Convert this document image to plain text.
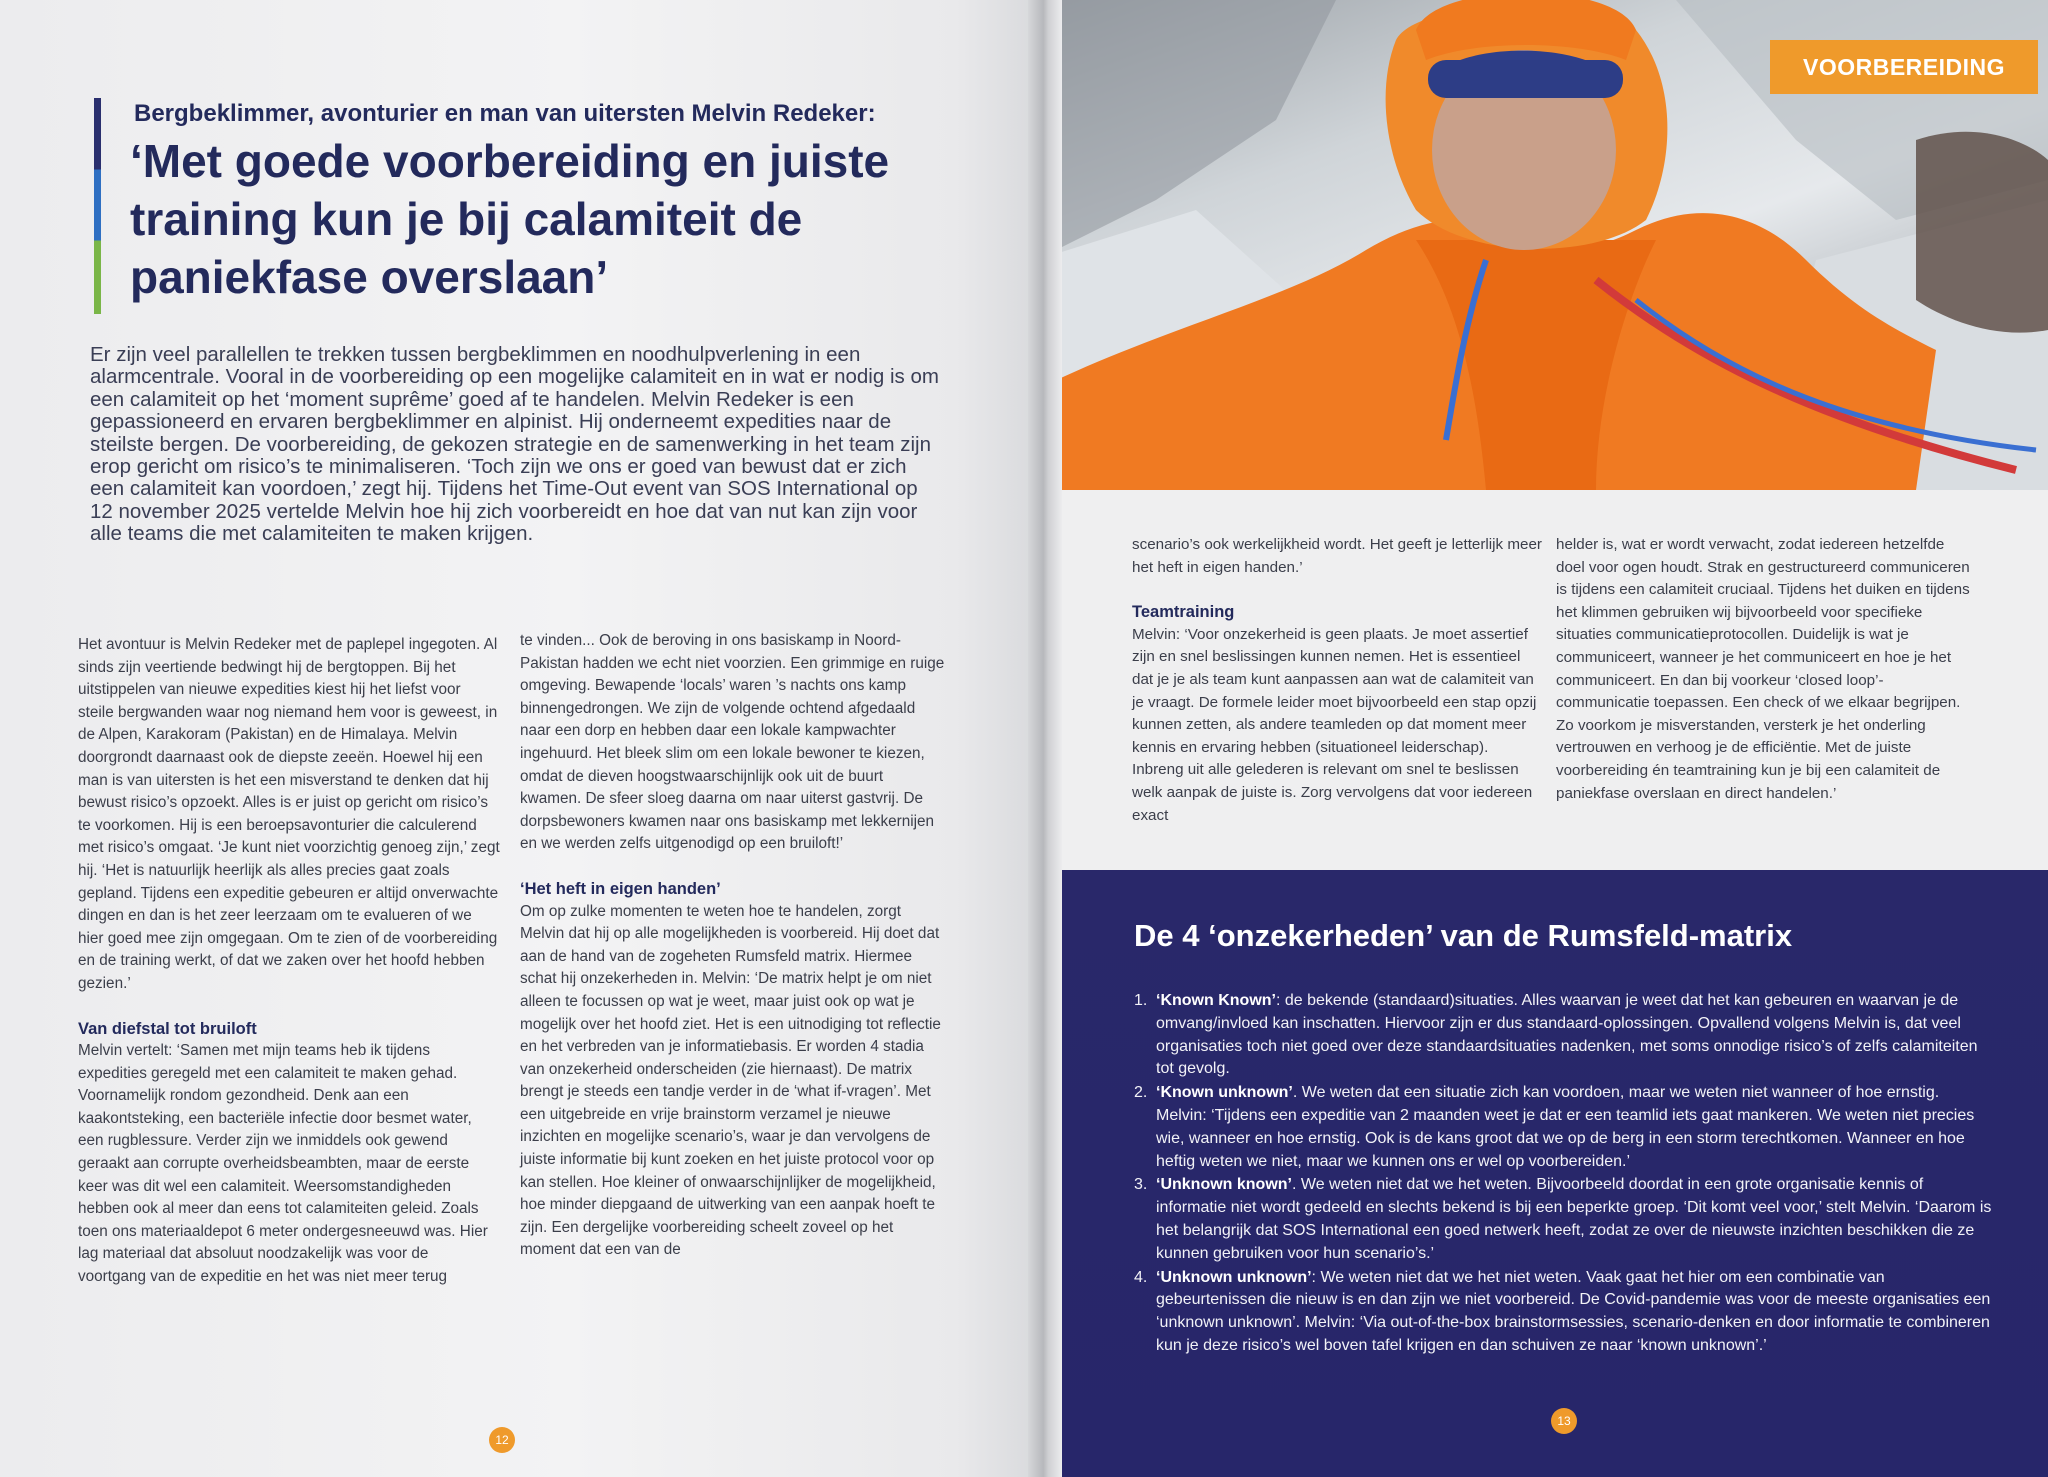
Bergbeklimmer, avonturier en man van uitersten Melvin Redeker:
‘Met goede voorbereiding en juiste training kun je bij calamiteit de paniekfase overslaan’

Er zijn veel parallellen te trekken tussen bergbeklimmen en noodhulpverlening in een alarmcentrale. Vooral in de voorbereiding op een mogelijke calamiteit en in wat er nodig is om een calamiteit op het ‘moment suprême’ goed af te handelen. Melvin Redeker is een gepassioneerd en ervaren bergbeklimmer en alpinist. Hij onderneemt expedities naar de steilste bergen. De voorbereiding, de gekozen strategie en de samenwerking in het team zijn erop gericht om risico’s te minimaliseren. ‘Toch zijn we ons er goed van bewust dat er zich een calamiteit kan voordoen,’ zegt hij. Tijdens het Time-Out event van SOS International op 12 november 2025 vertelde Melvin hoe hij zich voorbereidt en hoe dat van nut kan zijn voor alle teams die met calamiteiten te maken krijgen.

Het avontuur is Melvin Redeker met de paplepel ingegoten. Al sinds zijn veertiende bedwingt hij de bergtoppen. Bij het uitstippelen van nieuwe expedities kiest hij het liefst voor steile bergwanden waar nog niemand hem voor is geweest, in de Alpen, Karakoram (Pakistan) en de Himalaya. Melvin doorgrondt daarnaast ook de diepste zeeën. Hoewel hij een man is van uitersten is het een misverstand te denken dat hij bewust risico’s opzoekt. Alles is er juist op gericht om risico’s te voorkomen. Hij is een beroepsavonturier die calculerend met risico’s omgaat. ‘Je kunt niet voorzichtig genoeg zijn,’ zegt hij. ‘Het is natuurlijk heerlijk als alles precies gaat zoals gepland. Tijdens een expeditie gebeuren er altijd onverwachte dingen en dan is het zeer leerzaam om te evalueren of we hier goed mee zijn omgegaan. Om te zien of de voorbereiding en de training werkt, of dat we zaken over het hoofd hebben gezien.’

Van diefstal tot bruiloft

Melvin vertelt: ‘Samen met mijn teams heb ik tijdens expedities geregeld met een calamiteit te maken gehad. Voornamelijk rondom gezondheid. Denk aan een kaakontsteking, een bacteriële infectie door besmet water, een rugblessure. Verder zijn we inmiddels ook gewend geraakt aan corrupte overheidsbeambten, maar de eerste keer was dit wel een calamiteit. Weersomstandigheden hebben ook al meer dan eens tot calamiteiten geleid. Zoals toen ons materiaaldepot 6 meter ondergesneeuwd was. Hier lag materiaal dat absoluut noodzakelijk was voor de voortgang van de expeditie en het was niet meer terug

te vinden... Ook de beroving in ons basiskamp in Noord-Pakistan hadden we echt niet voorzien. Een grimmige en ruige omgeving. Bewapende ‘locals’ waren ’s nachts ons kamp binnengedrongen. We zijn de volgende ochtend afgedaald naar een dorp en hebben daar een lokale kampwachter ingehuurd. Het bleek slim om een lokale bewoner te kiezen, omdat de dieven hoogstwaarschijnlijk ook uit de buurt kwamen. De sfeer sloeg daarna om naar uiterst gastvrij. De dorpsbewoners kwamen naar ons basiskamp met lekkernijen en we werden zelfs uitgenodigd op een bruiloft!’

‘Het heft in eigen handen’

Om op zulke momenten te weten hoe te handelen, zorgt Melvin dat hij op alle mogelijkheden is voorbereid. Hij doet dat aan de hand van de zogeheten Rumsfeld matrix. Hiermee schat hij onzekerheden in. Melvin: ‘De matrix helpt je om niet alleen te focussen op wat je weet, maar juist ook op wat je mogelijk over het hoofd ziet. Het is een uitnodiging tot reflectie en het verbreden van je informatiebasis. Er worden 4 stadia van onzekerheid onderscheiden (zie hiernaast). De matrix brengt je steeds een tandje verder in de ‘what if-vragen’. Met een uitgebreide en vrije brainstorm verzamel je nieuwe inzichten en mogelijke scenario’s, waar je dan vervolgens de juiste informatie bij kunt zoeken en het juiste protocol voor op kan stellen. Hoe kleiner of onwaarschijnlijker de mogelijkheid, hoe minder diepgaand de uitwerking van een aanpak hoeft te zijn. Een dergelijke voorbereiding scheelt zoveel op het moment dat een van de

12
VOORBEREIDING

scenario’s ook werkelijkheid wordt. Het geeft je letterlijk meer het heft in eigen handen.’

Teamtraining

Melvin: ‘Voor onzekerheid is geen plaats. Je moet assertief zijn en snel beslissingen kunnen nemen. Het is essentieel dat je je als team kunt aanpassen aan wat de calamiteit van je vraagt. De formele leider moet bijvoorbeeld een stap opzij kunnen zetten, als andere teamleden op dat moment meer kennis en ervaring hebben (situationeel leiderschap). Inbreng uit alle gelederen is relevant om snel te beslissen welk aanpak de juiste is. Zorg vervolgens dat voor iedereen exact

helder is, wat er wordt verwacht, zodat iedereen hetzelfde doel voor ogen houdt. Strak en gestructureerd communiceren is tijdens een calamiteit cruciaal. Tijdens het duiken en tijdens het klimmen gebruiken wij bijvoorbeeld voor specifieke situaties communicatieprotocollen. Duidelijk is wat je communiceert, wanneer je het communiceert en hoe je het communiceert. En dan bij voorkeur ‘closed loop’-communicatie toepassen. Een check of we elkaar begrijpen. Zo voorkom je misverstanden, versterk je het onderling vertrouwen en verhoog je de efficiëntie. Met de juiste voorbereiding én teamtraining kun je bij een calamiteit de paniekfase overslaan en direct handelen.’

De 4 ‘onzekerheden’ van de Rumsfeld-matrix
1. ‘Known Known’: de bekende (standaard)situaties. Alles waarvan je weet dat het kan gebeuren en waarvan je de omvang/invloed kan inschatten. Hiervoor zijn er dus standaard-oplossingen. Opvallend volgens Melvin is, dat veel organisaties toch niet goed over deze standaardsituaties nadenken, met soms onnodige risico’s of zelfs calamiteiten tot gevolg.
2. ‘Known unknown’. We weten dat een situatie zich kan voordoen, maar we weten niet wanneer of hoe ernstig. Melvin: ‘Tijdens een expeditie van 2 maanden weet je dat er een teamlid iets gaat mankeren. We weten niet precies wie, wanneer en hoe ernstig. Ook is de kans groot dat we op de berg in een storm terechtkomen. Wanneer en hoe heftig weten we niet, maar we kunnen ons er wel op voorbereiden.’
3. ‘Unknown known’. We weten niet dat we het weten. Bijvoorbeeld doordat in een grote organisatie kennis of informatie niet wordt gedeeld en slechts bekend is bij een beperkte groep. ‘Dit komt veel voor,’ stelt Melvin. ‘Daarom is het belangrijk dat SOS International een goed netwerk heeft, zodat ze over de nieuwste inzichten beschikken die ze kunnen gebruiken voor hun scenario’s.’
4. ‘Unknown unknown’: We weten niet dat we het niet weten. Vaak gaat het hier om een combinatie van gebeurtenissen die nieuw is en dan zijn we niet voorbereid. De Covid-pandemie was voor de meeste organisaties een ‘unknown unknown’. Melvin: ‘Via out-of-the-box brainstormsessies, scenario-denken en door informatie te combineren kun je deze risico’s wel boven tafel krijgen en dan schuiven ze naar ‘known unknown’.’
13
